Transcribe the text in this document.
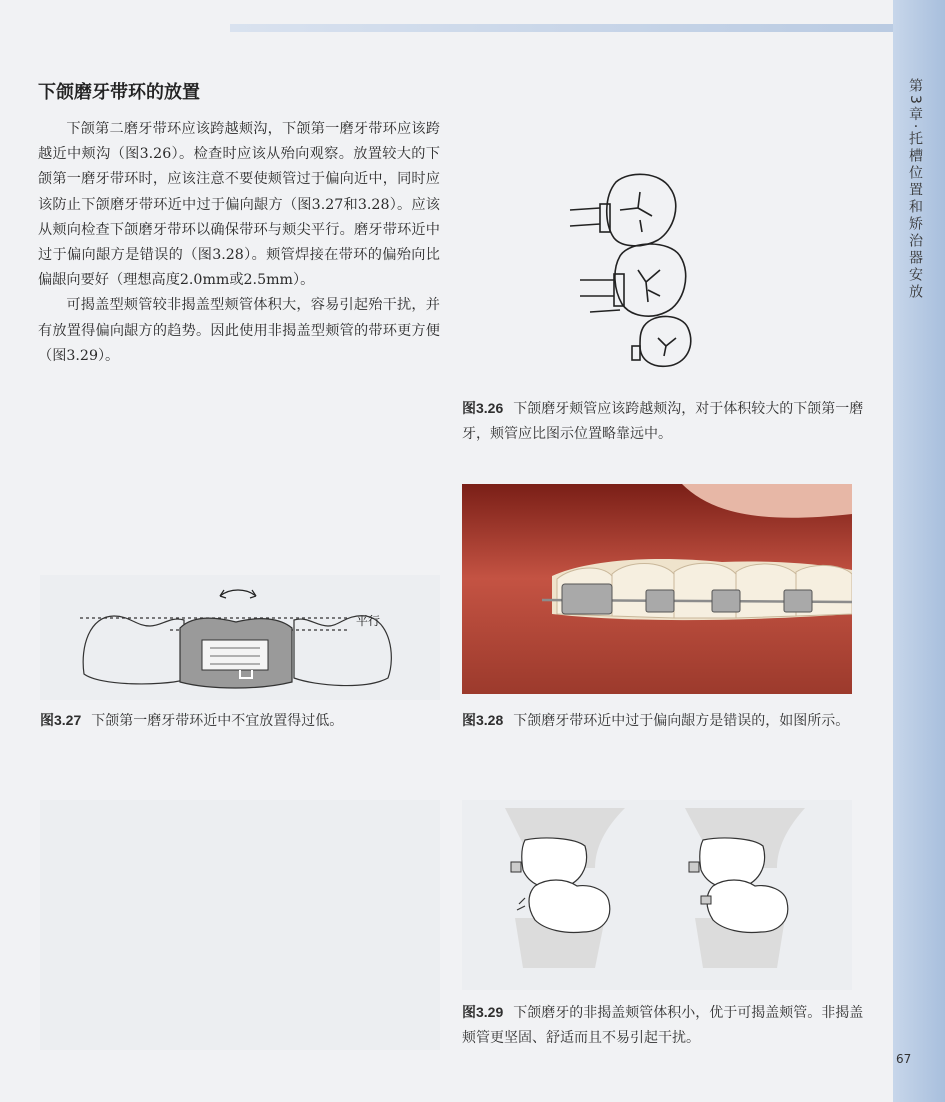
第3章·托槽位置和矫治器安放
67
下颌磨牙带环的放置

下颌第二磨牙带环应该跨越颊沟，下颌第一磨牙带环应该跨越近中颊沟（图3.26）。检查时应该从殆向观察。放置较大的下颌第一磨牙带环时，应该注意不要使颊管过于偏向近中，同时应该防止下颌磨牙带环近中过于偏向龈方（图3.27和3.28）。应该从颊向检查下颌磨牙带环以确保带环与颊尖平行。磨牙带环近中过于偏向龈方是错误的（图3.28）。颊管焊接在带环的偏殆向比偏龈向要好（理想高度2.0mm或2.5mm）。

可揭盖型颊管较非揭盖型颊管体积大，容易引起殆干扰，并有放置得偏向龈方的趋势。因此使用非揭盖型颊管的带环更方便（图3.29）。

图3.26 下颌磨牙颊管应该跨越颊沟，对于体积较大的下颌第一磨牙，颊管应比图示位置略靠远中。
平行
图3.27 下颌第一磨牙带环近中不宜放置得过低。	图3.28 下颌磨牙带环近中过于偏向龈方是错误的，如图所示。
图3.29 下颌磨牙的非揭盖颊管体积小，优于可揭盖颊管。非揭盖颊管更坚固、舒适而且不易引起干扰。
